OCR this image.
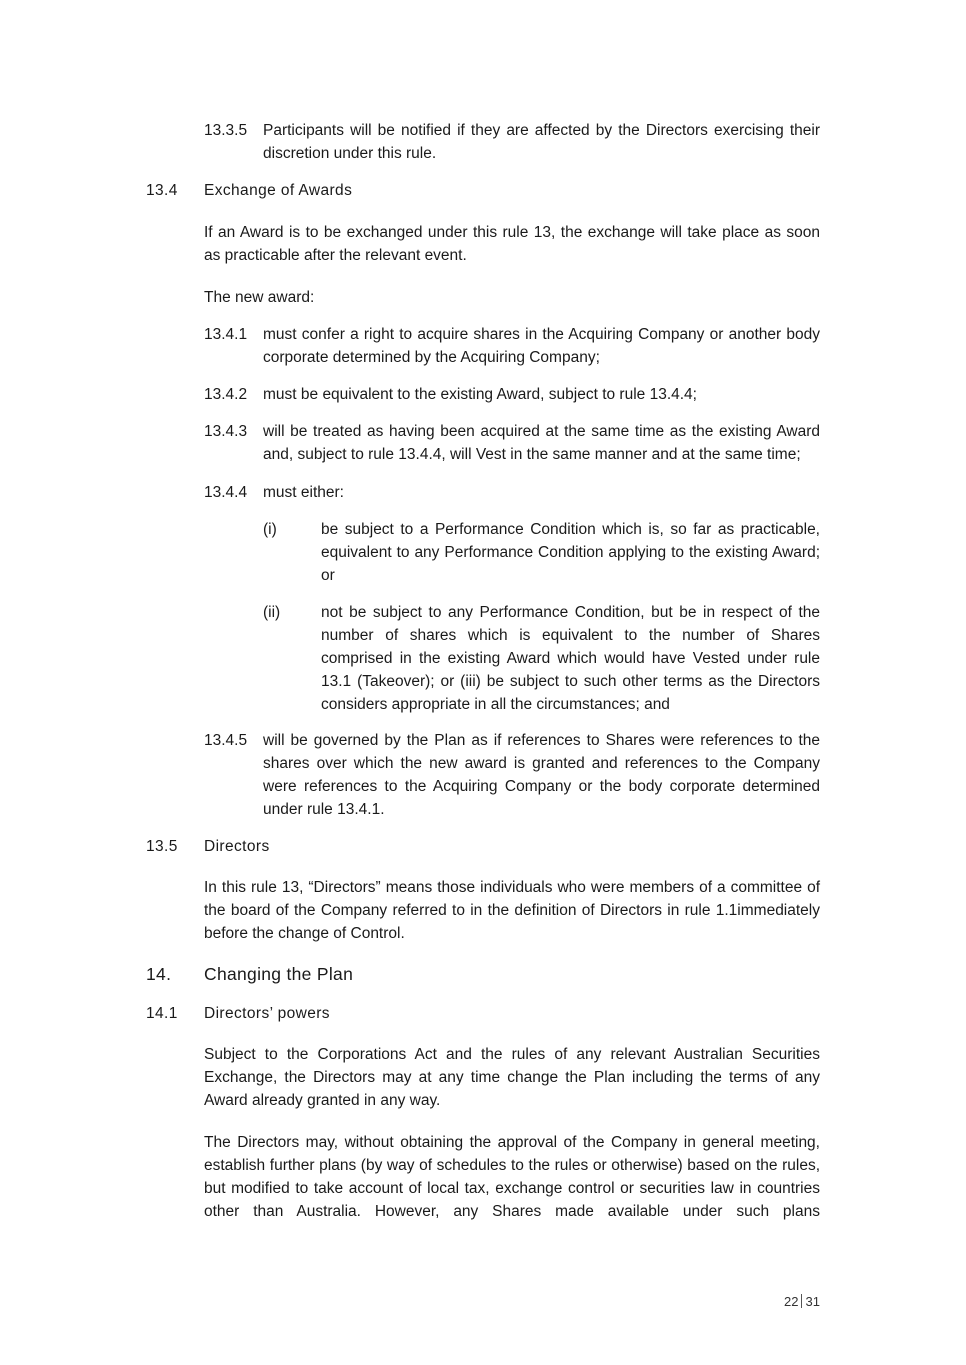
13.3.5 Participants will be notified if they are affected by the Directors exercising their discretion under this rule.
13.4 Exchange of Awards
If an Award is to be exchanged under this rule 13, the exchange will take place as soon as practicable after the relevant event.
The new award:
13.4.1 must confer a right to acquire shares in the Acquiring Company or another body corporate determined by the Acquiring Company;
13.4.2 must be equivalent to the existing Award, subject to rule 13.4.4;
13.4.3 will be treated as having been acquired at the same time as the existing Award and, subject to rule 13.4.4, will Vest in the same manner and at the same time;
13.4.4 must either:
(i)	be subject to a Performance Condition which is, so far as practicable, equivalent to any Performance Condition applying to the existing Award; or
(ii)	not be subject to any Performance Condition, but be in respect of the number of shares which is equivalent to the number of Shares comprised in the existing Award which would have Vested under rule 13.1 (Takeover); or (iii) be subject to such other terms as the Directors considers appropriate in all the circumstances; and
13.4.5 will be governed by the Plan as if references to Shares were references to the shares over which the new award is granted and references to the Company were references to the Acquiring Company or the body corporate determined under rule 13.4.1.
13.5 Directors
In this rule 13, “Directors” means those individuals who were members of a committee of the board of the Company referred to in the definition of Directors in rule 1.1immediately before the change of Control.
14. Changing the Plan
14.1 Directors’ powers
Subject to the Corporations Act and the rules of any relevant Australian Securities Exchange, the Directors may at any time change the Plan including the terms of any Award already granted in any way.
The Directors may, without obtaining the approval of the Company in general meeting, establish further plans (by way of schedules to the rules or otherwise) based on the rules, but modified to take account of local tax, exchange control or securities law in countries other than Australia. However, any Shares made available under such plans
22 31
